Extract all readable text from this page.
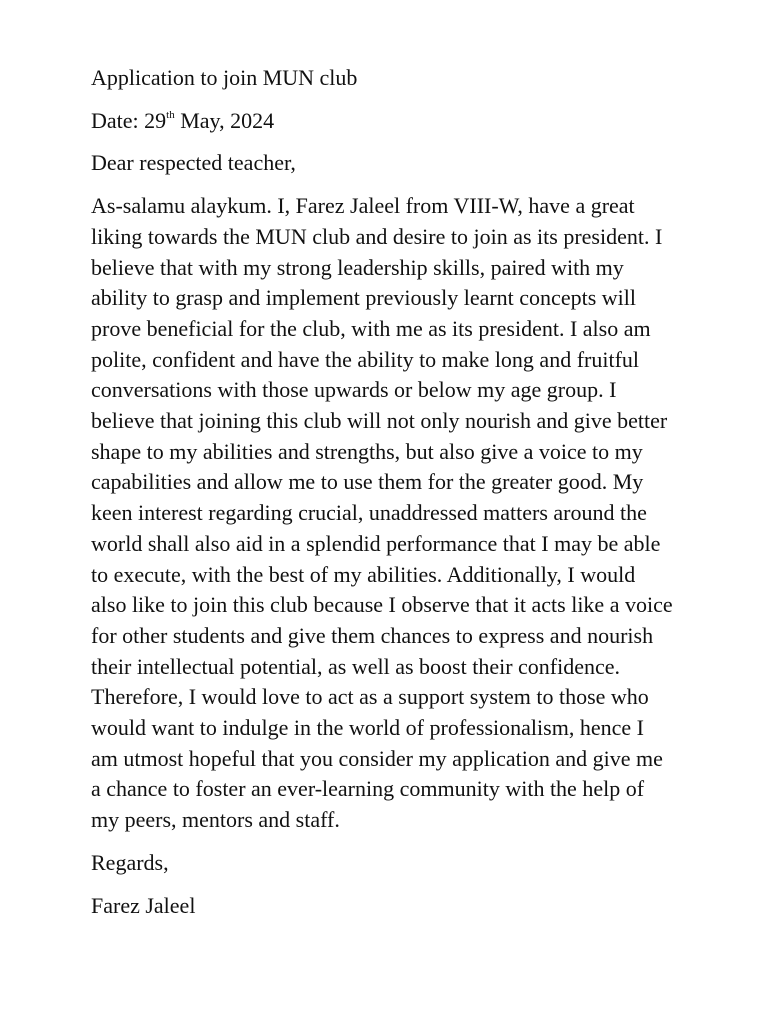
Application to join MUN club

Date: 29th May, 2024

Dear respected teacher,

As-salamu alaykum. I, Farez Jaleel from VIII-W, have a great

liking towards the MUN club and desire to join as its president. I

believe that with my strong leadership skills, paired with my

ability to grasp and implement previously learnt concepts will

prove beneficial for the club, with me as its president. I also am

polite, confident and have the ability to make long and fruitful

conversations with those upwards or below my age group. I

believe that joining this club will not only nourish and give better

shape to my abilities and strengths, but also give a voice to my

capabilities and allow me to use them for the greater good. My

keen interest regarding crucial, unaddressed matters around the

world shall also aid in a splendid performance that I may be able

to execute, with the best of my abilities. Additionally, I would

also like to join this club because I observe that it acts like a voice

for other students and give them chances to express and nourish

their intellectual potential, as well as boost their confidence.

Therefore, I would love to act as a support system to those who

would want to indulge in the world of professionalism, hence I

am utmost hopeful that you consider my application and give me

a chance to foster an ever-learning community with the help of

my peers, mentors and staff.

Regards,

Farez Jaleel
